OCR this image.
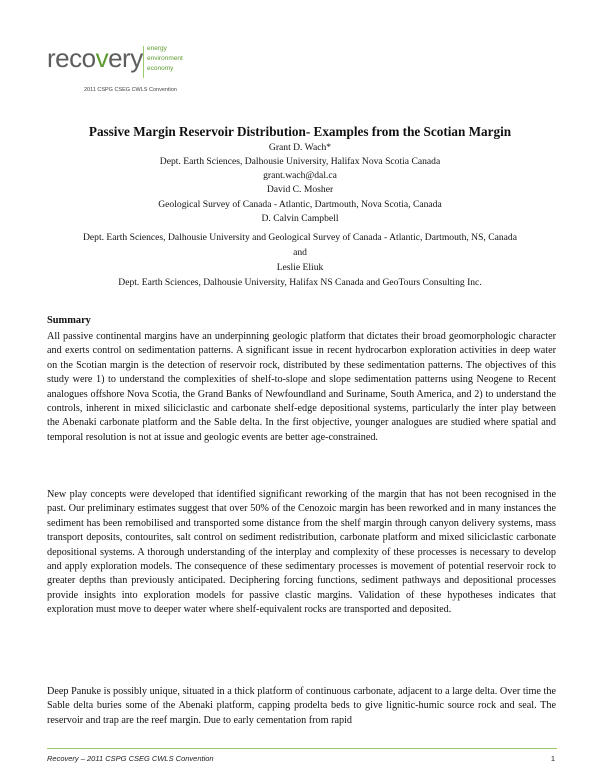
recovery energy
environment
economy
2011 CSPG CSEG CWLS Convention
Passive Margin Reservoir Distribution- Examples from the Scotian Margin
Grant D. Wach*
Dept. Earth Sciences, Dalhousie University, Halifax Nova Scotia Canada
grant.wach@dal.ca
David C. Mosher
Geological Survey of Canada - Atlantic, Dartmouth, Nova Scotia, Canada
D. Calvin Campbell
Dept. Earth Sciences, Dalhousie University and Geological Survey of Canada - Atlantic, Dartmouth, NS, Canada
and
Leslie Eliuk
Dept. Earth Sciences, Dalhousie University, Halifax NS Canada and GeoTours Consulting Inc.
Summary

All passive continental margins have an underpinning geologic platform that dictates their broad geomorphologic character and exerts control on sedimentation patterns. A significant issue in recent hydrocarbon exploration activities in deep water on the Scotian margin is the detection of reservoir rock, distributed by these sedimentation patterns. The objectives of this study were 1) to understand the complexities of shelf-to-slope and slope sedimentation patterns using Neogene to Recent analogues offshore Nova Scotia, the Grand Banks of Newfoundland and Suriname, South America, and 2) to understand the controls, inherent in mixed siliciclastic and carbonate shelf-edge depositional systems, particularly the inter play between the Abenaki carbonate platform and the Sable delta. In the first objective, younger analogues are studied where spatial and temporal resolution is not at issue and geologic events are better age-constrained.

New play concepts were developed that identified significant reworking of the margin that has not been recognised in the past. Our preliminary estimates suggest that over 50% of the Cenozoic margin has been reworked and in many instances the sediment has been remobilised and transported some distance from the shelf margin through canyon delivery systems, mass transport deposits, contourites, salt control on sediment redistribution, carbonate platform and mixed siliciclastic carbonate depositional systems. A thorough understanding of the interplay and complexity of these processes is necessary to develop and apply exploration models. The consequence of these sedimentary processes is movement of potential reservoir rock to greater depths than previously anticipated. Deciphering forcing functions, sediment pathways and depositional processes provide insights into exploration models for passive clastic margins. Validation of these hypotheses indicates that exploration must move to deeper water where shelf-equivalent rocks are transported and deposited.

Deep Panuke is possibly unique, situated in a thick platform of continuous carbonate, adjacent to a large delta. Over time the Sable delta buries some of the Abenaki platform, capping prodelta beds to give lignitic-humic source rock and seal. The reservoir and trap are the reef margin. Due to early cementation from rapid

Recovery – 2011 CSPG CSEG CWLS Convention	1
